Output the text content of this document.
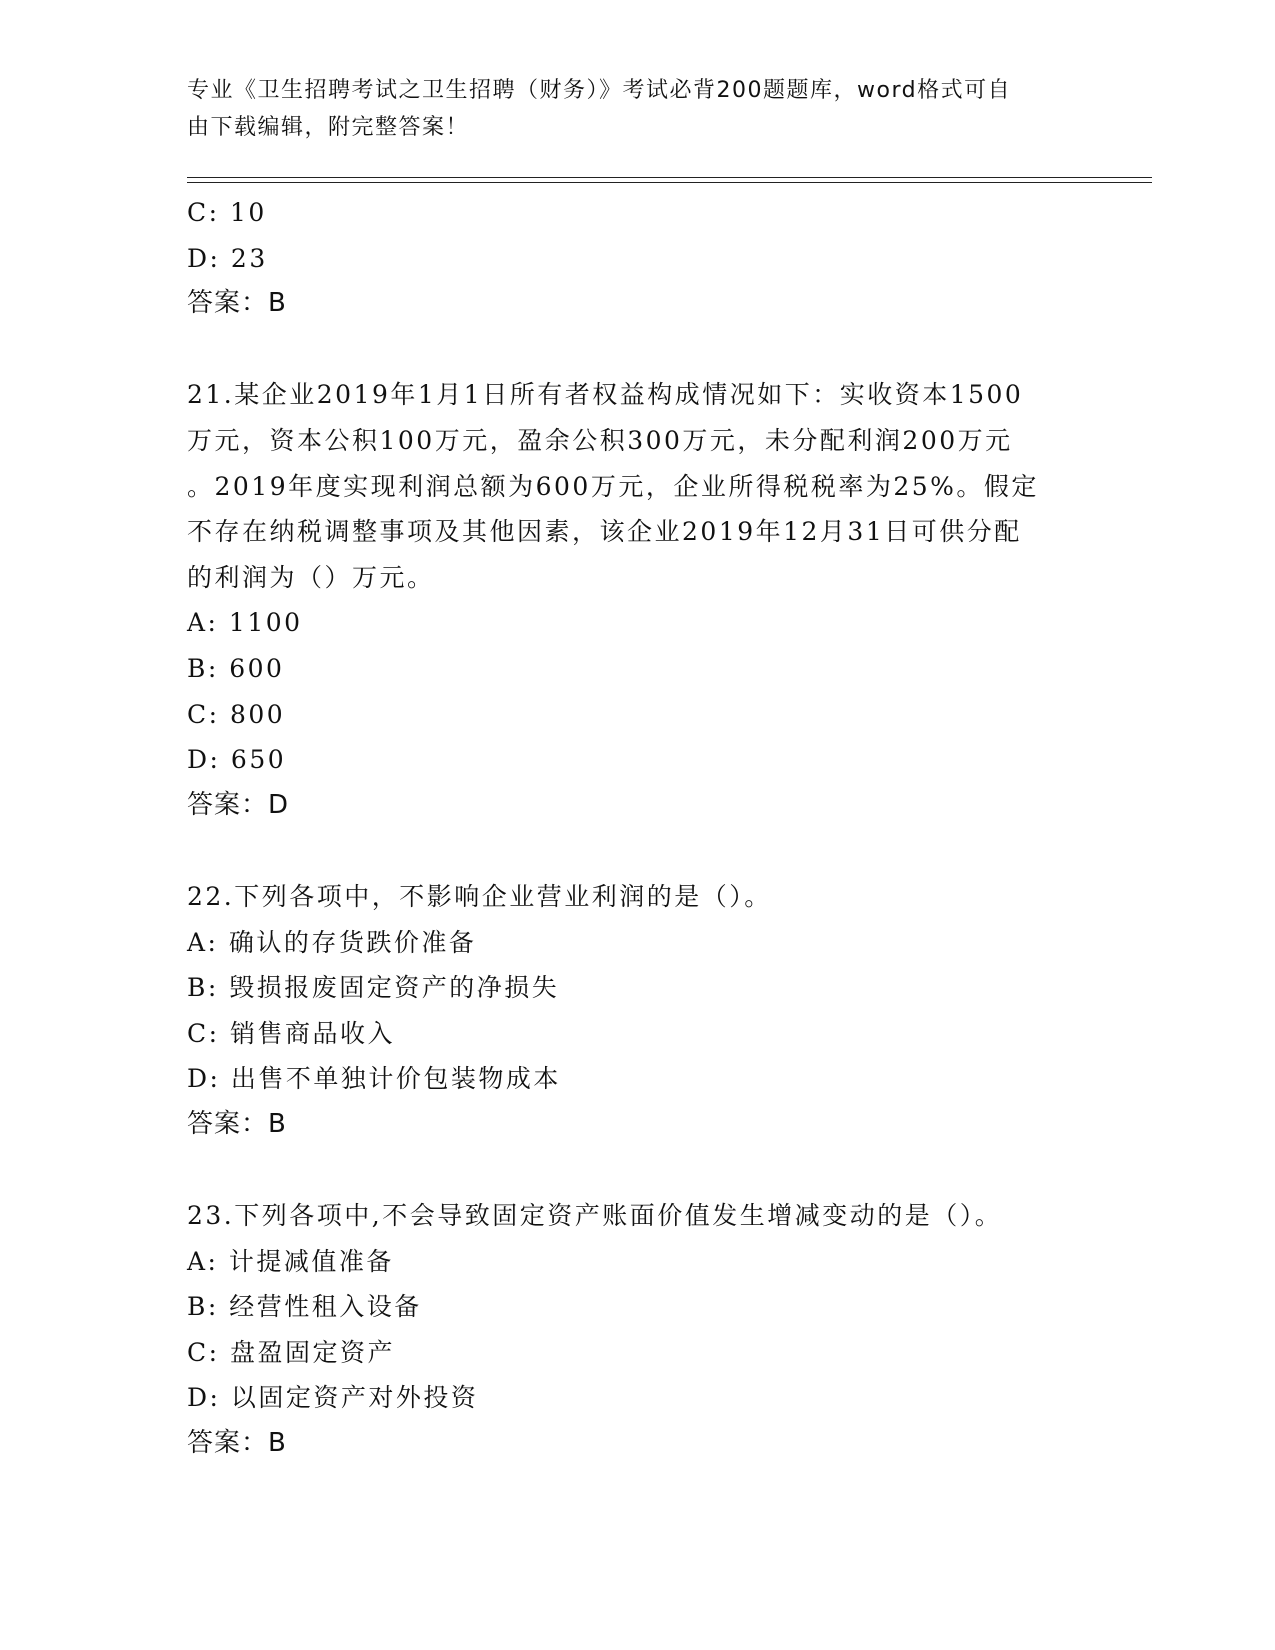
专业《卫生招聘考试之卫生招聘（财务）》考试必背200题题库，word格式可自
由下载编辑，附完整答案！
C: 10
D: 23
答案：B
21.某企业2019年1月1日所有者权益构成情况如下：实收资本1500
万元，资本公积100万元，盈余公积300万元，未分配利润200万元
。2019年度实现利润总额为600万元，企业所得税税率为25%。假定
不存在纳税调整事项及其他因素，该企业2019年12月31日可供分配
的利润为（）万元。
A: 1100
B: 600
C: 800
D: 650
答案：D
22.下列各项中，不影响企业营业利润的是（）。
A: 确认的存货跌价准备
B: 毁损报废固定资产的净损失
C: 销售商品收入
D: 出售不单独计价包装物成本
答案：B
23.下列各项中,不会导致固定资产账面价值发生增减变动的是（）。
A: 计提减值准备
B: 经营性租入设备
C: 盘盈固定资产
D: 以固定资产对外投资
答案：B
